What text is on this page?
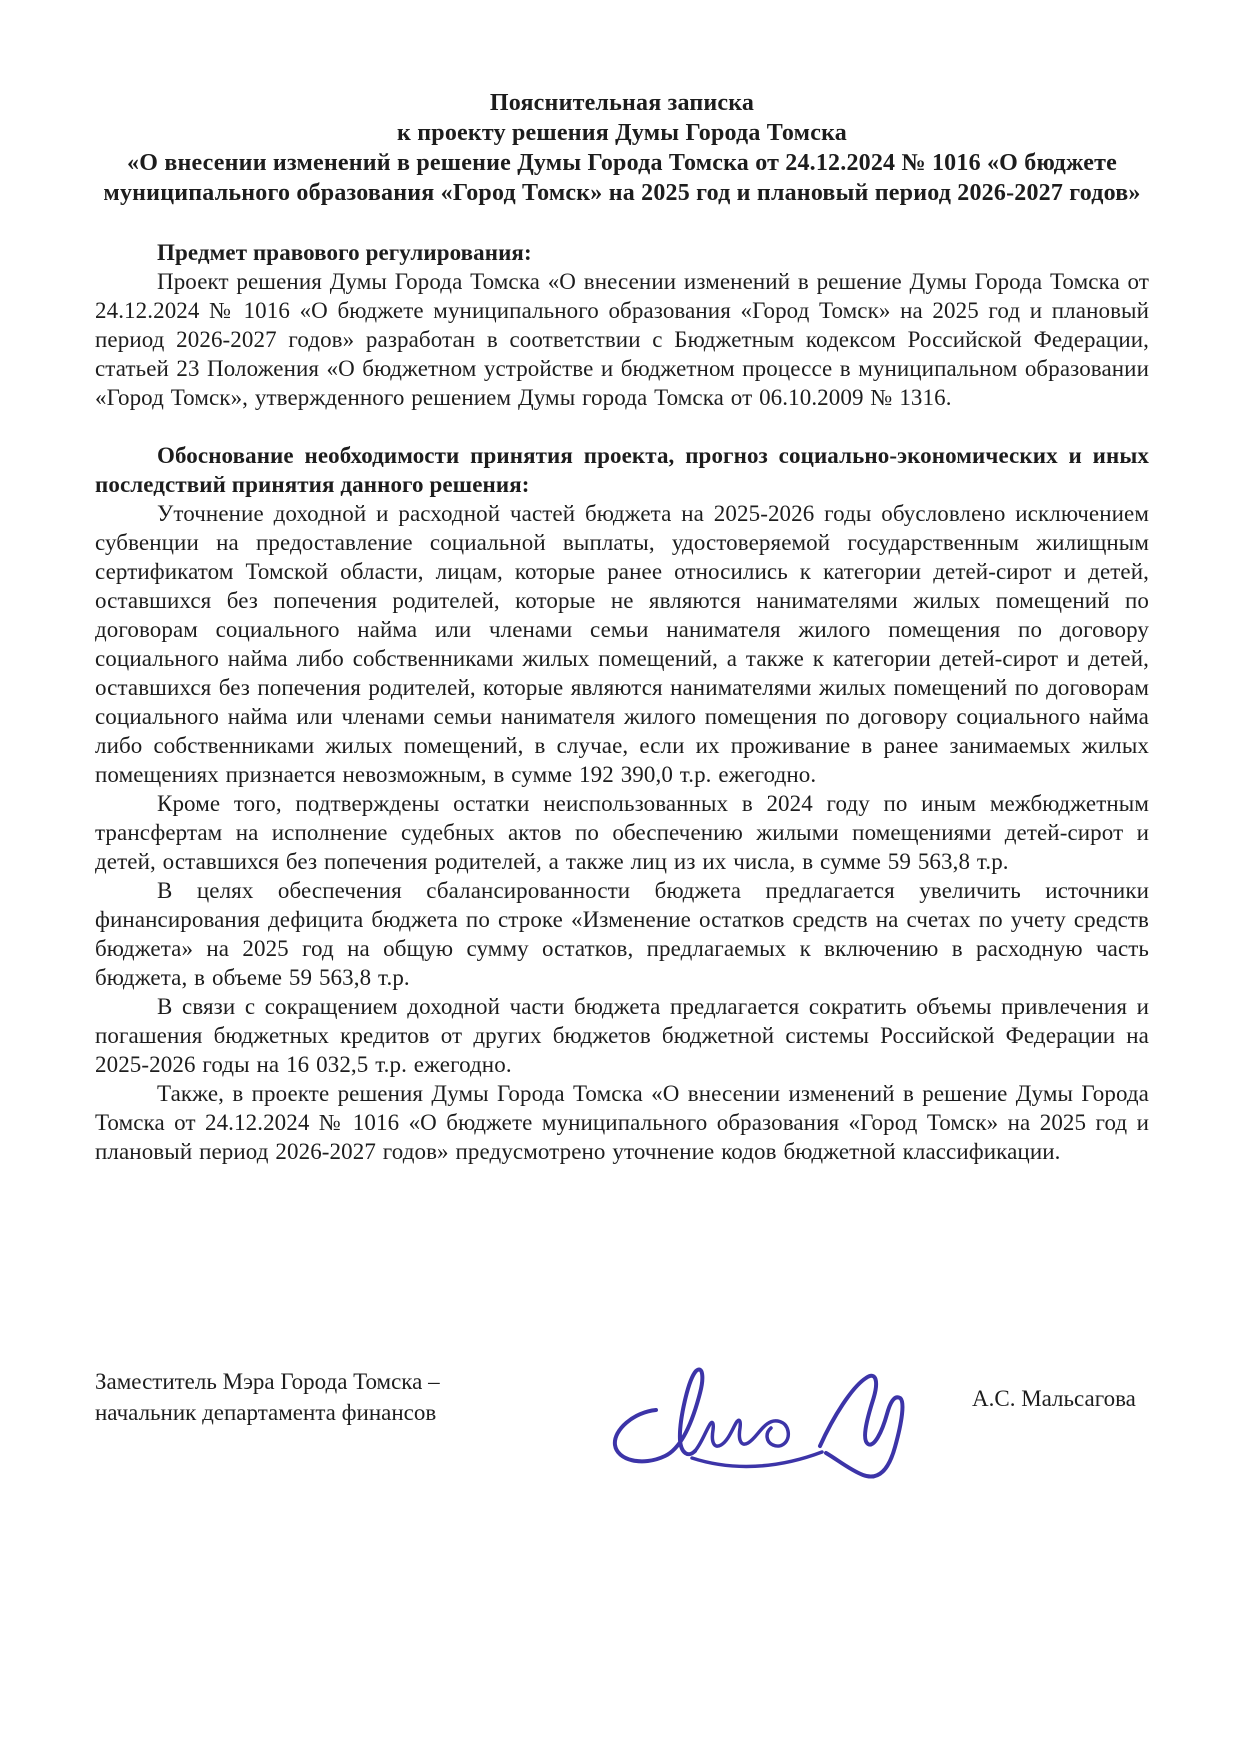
Пояснительная записка
к проекту решения Думы Города Томска
«О внесении изменений в решение Думы Города Томска от 24.12.2024 № 1016 «О бюджете муниципального образования «Город Томск» на 2025 год и плановый период 2026-2027 годов»

Предмет правового регулирования:

Проект решения Думы Города Томска «О внесении изменений в решение Думы Города Томска от 24.12.2024 № 1016 «О бюджете муниципального образования «Город Томск» на 2025 год и плановый период 2026-2027 годов» разработан в соответствии с Бюджетным кодексом Российской Федерации, статьей 23 Положения «О бюджетном устройстве и бюджетном процессе в муниципальном образовании «Город Томск», утвержденного решением Думы города Томска от 06.10.2009 № 1316.

Обоснование необходимости принятия проекта, прогноз социально-экономических и иных последствий принятия данного решения:

Уточнение доходной и расходной частей бюджета на 2025-2026 годы обусловлено исключением субвенции на предоставление социальной выплаты, удостоверяемой государственным жилищным сертификатом Томской области, лицам, которые ранее относились к категории детей-сирот и детей, оставшихся без попечения родителей, которые не являются нанимателями жилых помещений по договорам социального найма или членами семьи нанимателя жилого помещения по договору социального найма либо собственниками жилых помещений, а также к категории детей-сирот и детей, оставшихся без попечения родителей, которые являются нанимателями жилых помещений по договорам социального найма или членами семьи нанимателя жилого помещения по договору социального найма либо собственниками жилых помещений, в случае, если их проживание в ранее занимаемых жилых помещениях признается невозможным, в сумме 192 390,0 т.р. ежегодно.

Кроме того, подтверждены остатки неиспользованных в 2024 году по иным межбюджетным трансфертам на исполнение судебных актов по обеспечению жилыми помещениями детей-сирот и детей, оставшихся без попечения родителей, а также лиц из их числа, в сумме 59 563,8 т.р.

В целях обеспечения сбалансированности бюджета предлагается увеличить источники финансирования дефицита бюджета по строке «Изменение остатков средств на счетах по учету средств бюджета» на 2025 год на общую сумму остатков, предлагаемых к включению в расходную часть бюджета, в объеме 59 563,8 т.р.

В связи с сокращением доходной части бюджета предлагается сократить объемы привлечения и погашения бюджетных кредитов от других бюджетов бюджетной системы Российской Федерации на 2025-2026 годы на 16 032,5 т.р. ежегодно.

Также, в проекте решения Думы Города Томска «О внесении изменений в решение Думы Города Томска от 24.12.2024 № 1016 «О бюджете муниципального образования «Город Томск» на 2025 год и плановый период 2026-2027 годов» предусмотрено уточнение кодов бюджетной классификации.

Заместитель Мэра Города Томска –
начальник департамента финансов
А.С. Мальсагова
